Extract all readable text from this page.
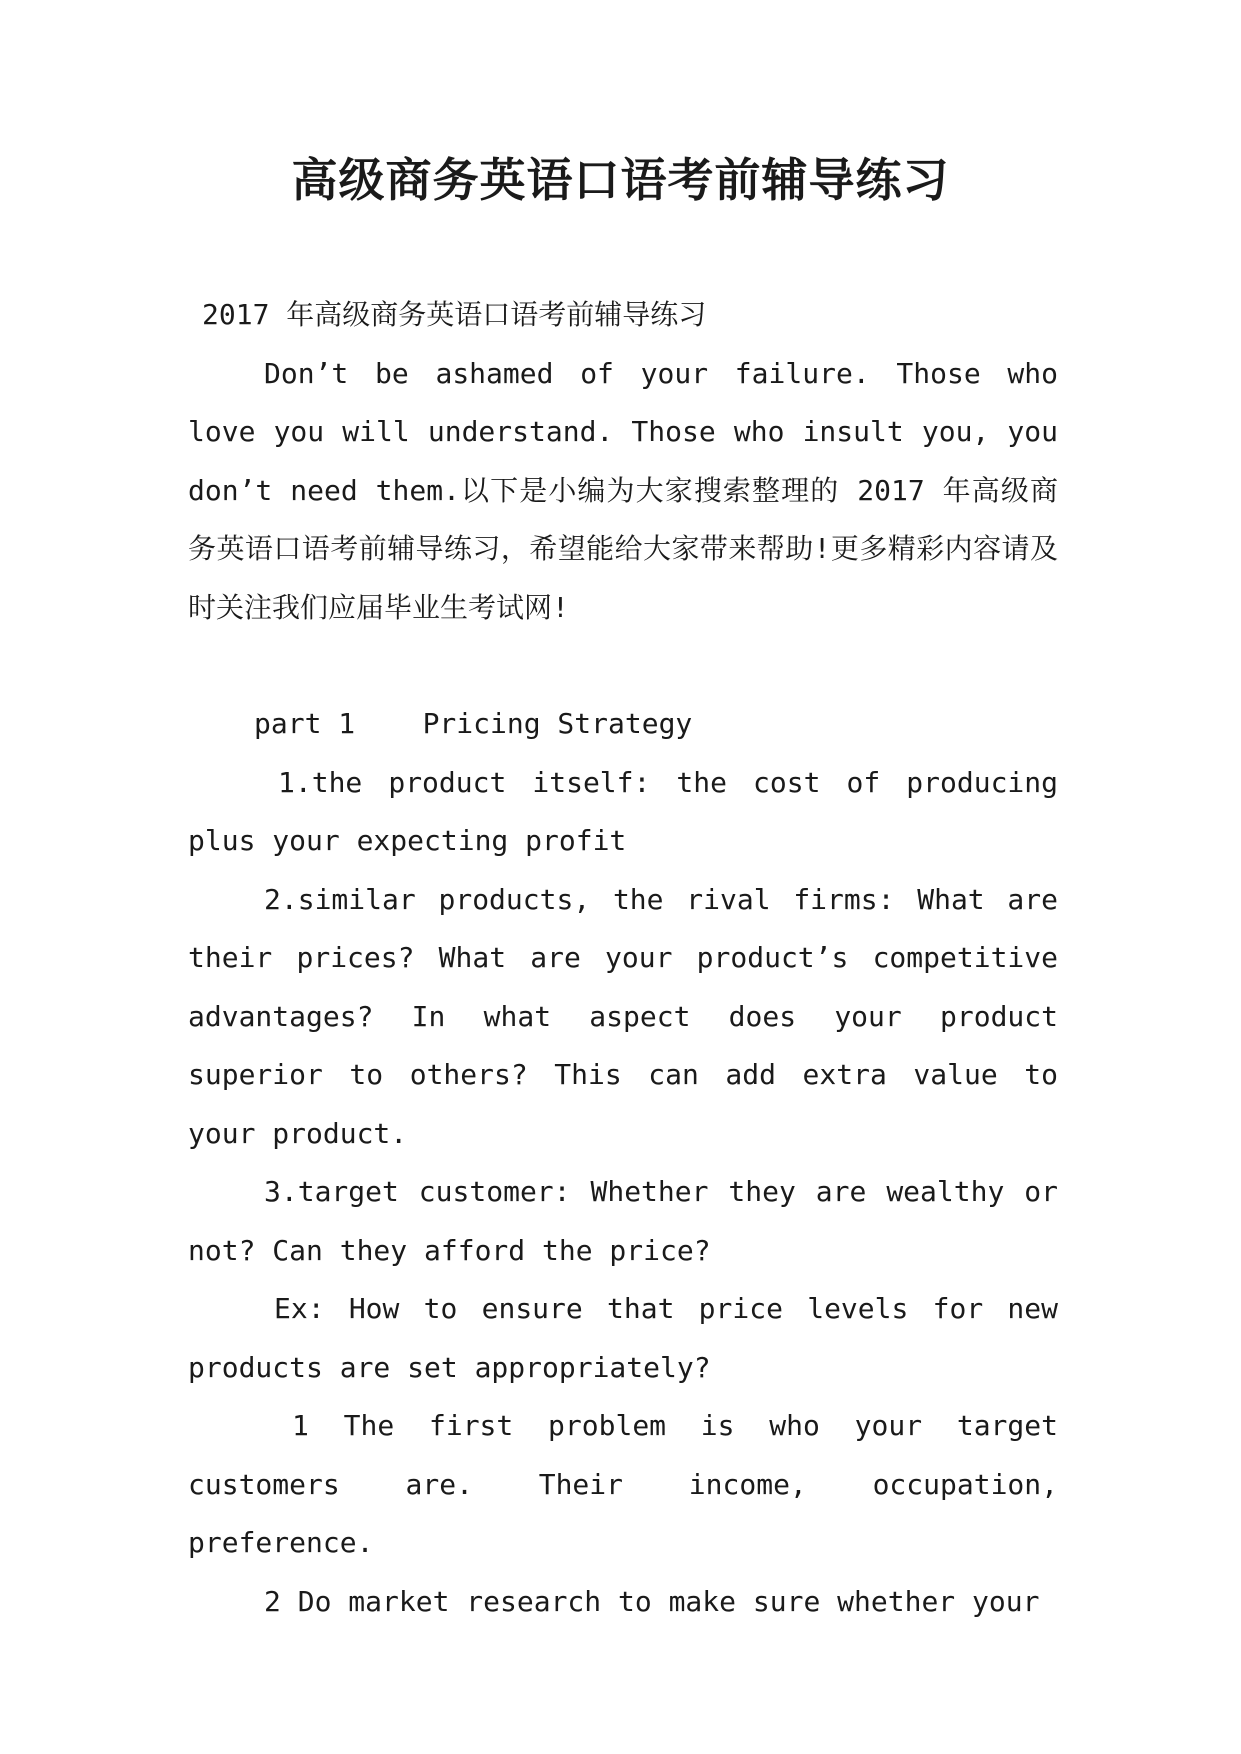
高级商务英语口语考前辅导练习

2017 年高级商务英语口语考前辅导练习

Don’t be ashamed of your failure. Those who love you will understand. Those who insult you, you don’t need them.以下是小编为大家搜索整理的 2017 年高级商务英语口语考前辅导练习，希望能给大家带来帮助!更多精彩内容请及时关注我们应届毕业生考试网!

part 1    Pricing Strategy

1.the product itself: the cost of producing plus your expecting profit

2.similar products, the rival firms: What are their prices? What are your product’s competitive advantages? In what aspect does your product superior to others? This can add extra value to your product.

3.target customer: Whether they are wealthy or not? Can they afford the price?

Ex: How to ensure that price levels for new products are set appropriately?

1 The first problem is who your target customers are. Their income, occupation, preference.

2 Do market research to make sure whether your
